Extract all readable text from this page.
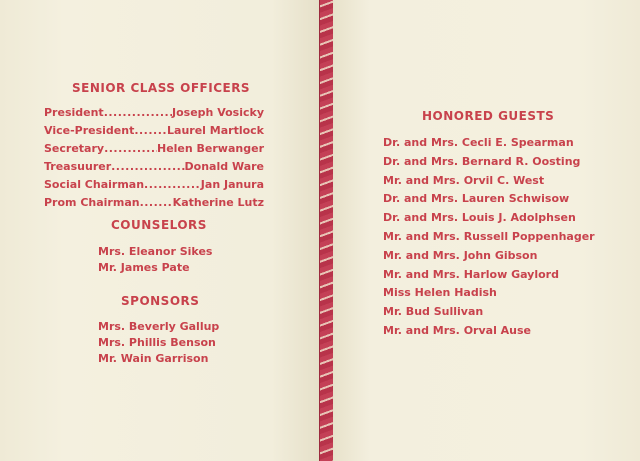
SENIOR CLASS OFFICERS
President .....	Joseph Vosicky
Vice-President .....	Laurel Martlock
Secretary .....	Helen Berwanger
Treasuurer .....	Donald Ware
Social Chairman .....	Jan Janura
Prom Chairman .....	Katherine Lutz
COUNSELORS
Mrs. Eleanor Sikes
Mr. James Pate
SPONSORS
Mrs. Beverly Gallup
Mrs. Phillis Benson
Mr. Wain Garrison
HONORED GUESTS
Dr. and Mrs. Cecli E. Spearman
Dr. and Mrs. Bernard R. Oosting
Mr. and Mrs. Orvil C. West
Dr. and Mrs. Lauren Schwisow
Dr. and Mrs. Louis J. Adolphsen
Mr. and Mrs. Russell Poppenhager
Mr. and Mrs. John Gibson
Mr. and Mrs. Harlow Gaylord
Miss Helen Hadish
Mr. Bud Sullivan
Mr. and Mrs. Orval Ause
